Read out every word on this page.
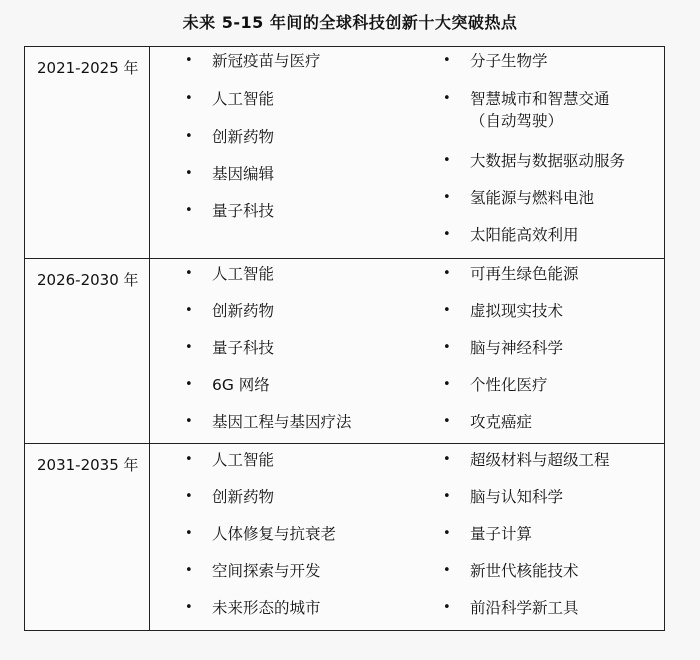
未来 5-15 年间的全球科技创新十大突破热点
2021-2025 年	• 新冠疫苗与医疗
• 人工智能
• 创新药物
• 基因编辑
• 量子科技
• 分子生物学
• 智慧城市和智慧交通
（自动驾驶）
• 大数据与数据驱动服务
• 氢能源与燃料电池
• 太阳能高效利用
2026-2030 年	• 人工智能
• 创新药物
• 量子科技
• 6G 网络
• 基因工程与基因疗法
• 可再生绿色能源
• 虚拟现实技术
• 脑与神经科学
• 个性化医疗
• 攻克癌症
2031-2035 年	• 人工智能
• 创新药物
• 人体修复与抗衰老
• 空间探索与开发
• 未来形态的城市
• 超级材料与超级工程
• 脑与认知科学
• 量子计算
• 新世代核能技术
• 前沿科学新工具
